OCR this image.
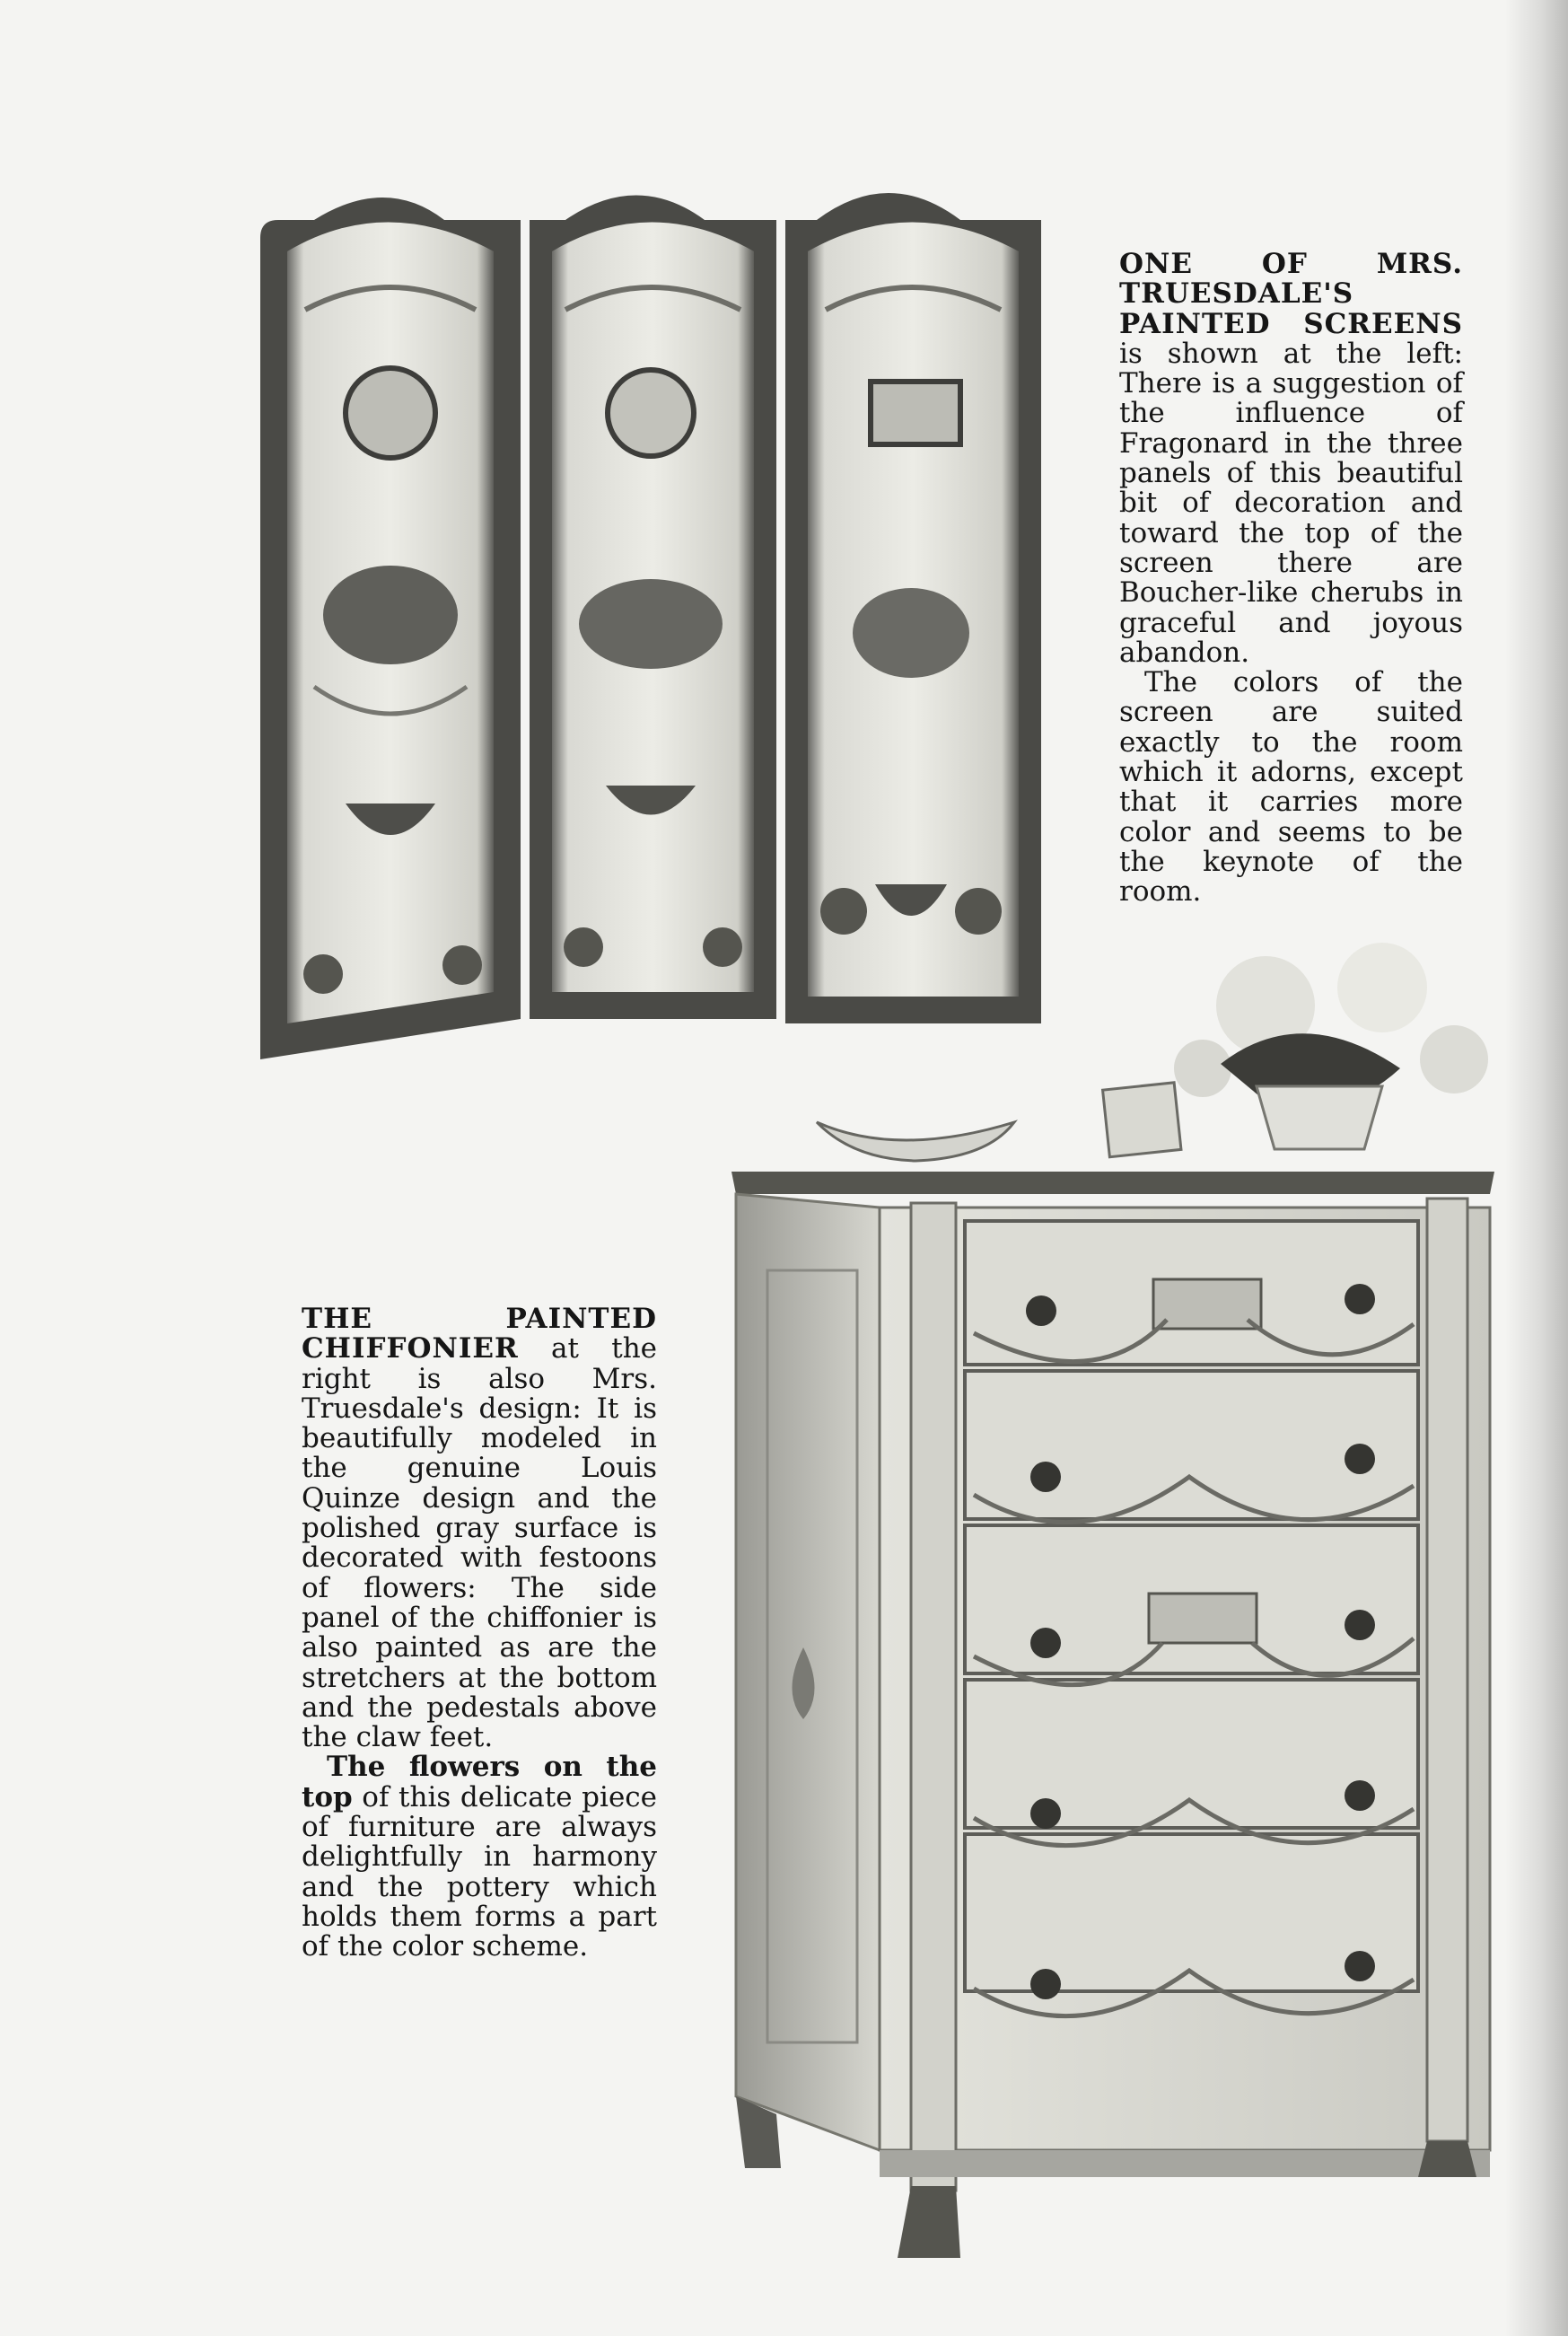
ONE OF MRS. TRUESDALE'S PAINTED SCREENS is shown at the left: There is a suggestion of the influence of Fragonard in the three panels of this beautiful bit of decoration and toward the top of the screen there are Boucher-like cherubs in graceful and joyous abandon.

The colors of the screen are suited exactly to the room which it adorns, except that it carries more color and seems to be the keynote of the room.

THE PAINTED CHIFFONIER at the right is also Mrs. Truesdale's design: It is beautifully modeled in the genuine Louis Quinze design and the polished gray surface is decorated with festoons of flowers: The side panel of the chiffonier is also painted as are the stretchers at the bottom and the pedestals above the claw feet.

The flowers on the top of this delicate piece of furniture are always delightfully in harmony and the pottery which holds them forms a part of the color scheme.
